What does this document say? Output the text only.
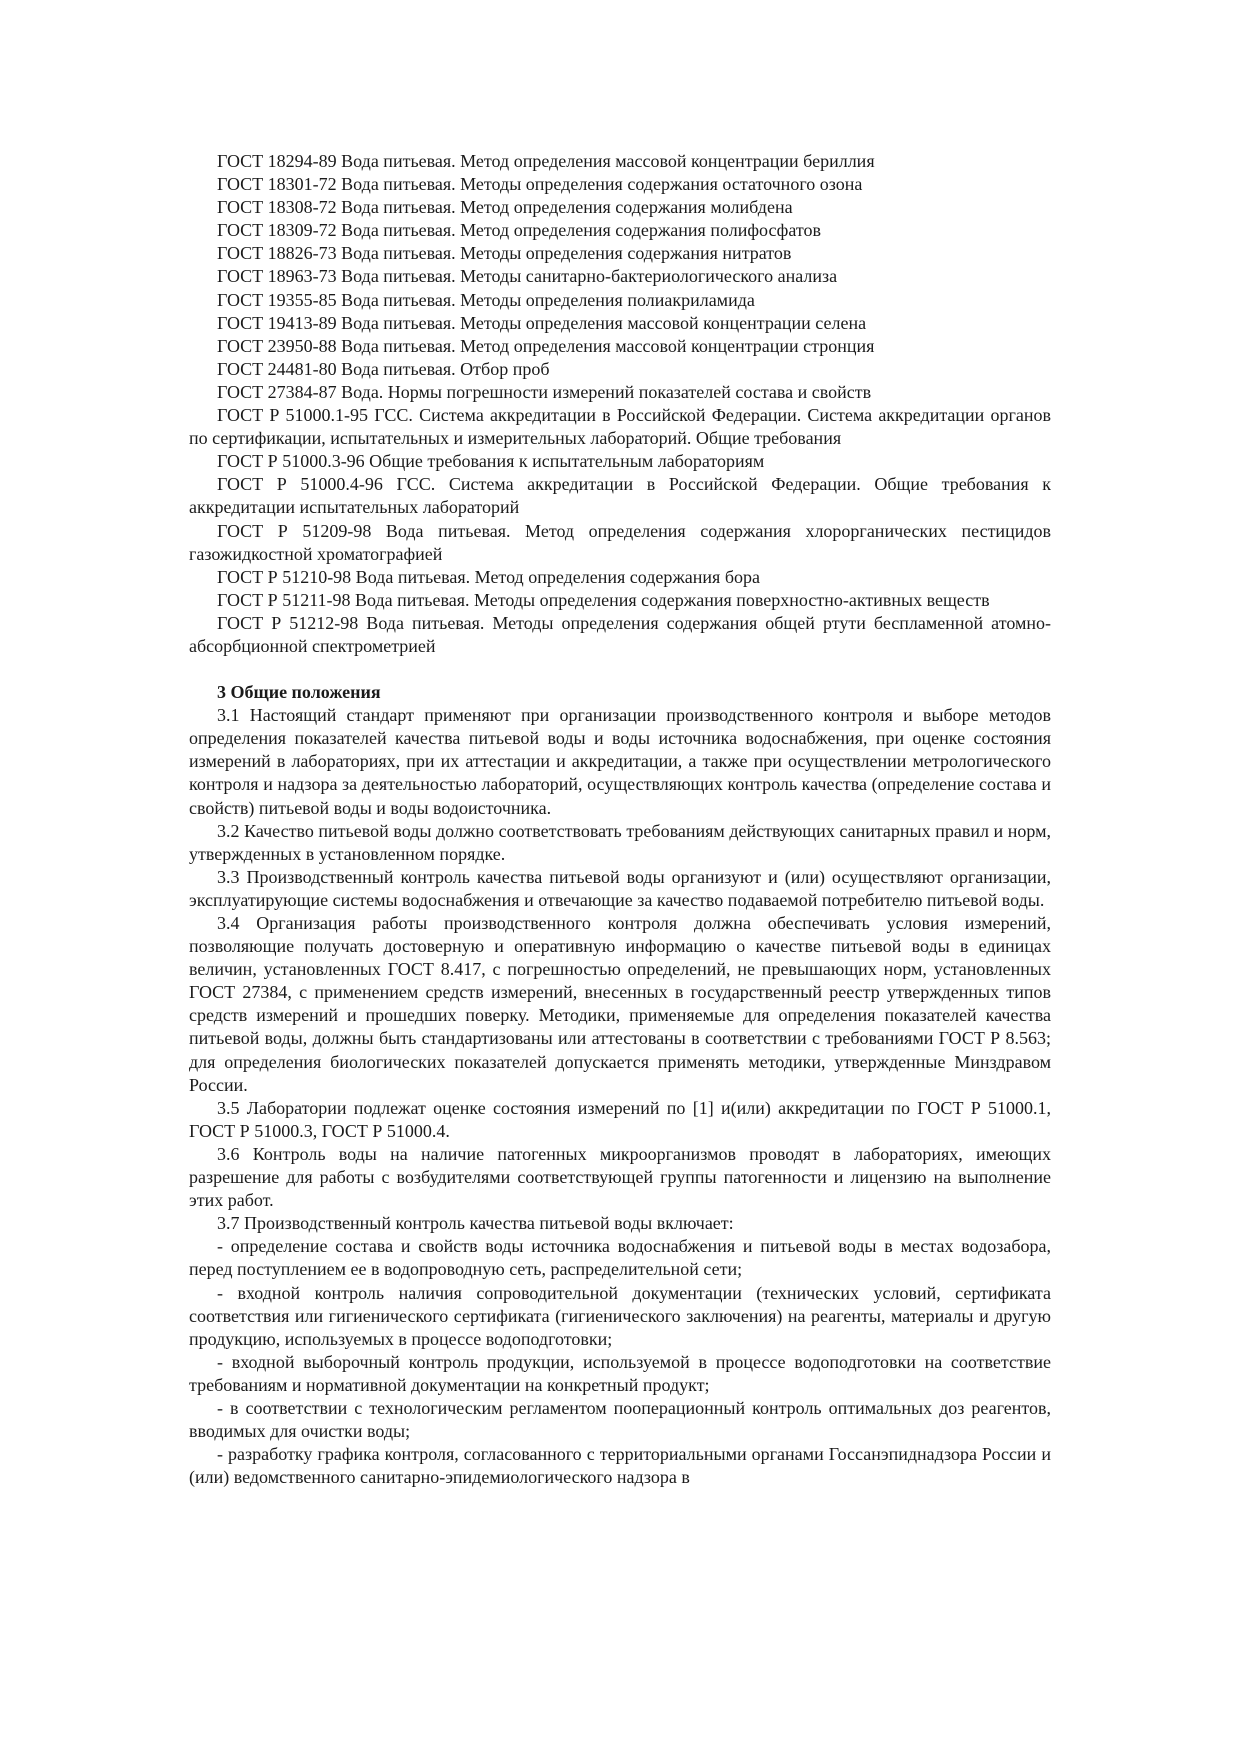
ГОСТ 18294-89 Вода питьевая. Метод определения массовой концентрации бериллия

ГОСТ 18301-72 Вода питьевая. Методы определения содержания остаточного озона

ГОСТ 18308-72 Вода питьевая. Метод определения содержания молибдена

ГОСТ 18309-72 Вода питьевая. Метод определения содержания полифосфатов

ГОСТ 18826-73 Вода питьевая. Методы определения содержания нитратов

ГОСТ 18963-73 Вода питьевая. Методы санитарно-бактериологического анализа

ГОСТ 19355-85 Вода питьевая. Методы определения полиакриламида

ГОСТ 19413-89 Вода питьевая. Методы определения массовой концентрации селена

ГОСТ 23950-88 Вода питьевая. Метод определения массовой концентрации стронция

ГОСТ 24481-80 Вода питьевая. Отбор проб

ГОСТ 27384-87 Вода. Нормы погрешности измерений показателей состава и свойств

ГОСТ Р 51000.1-95 ГСС. Система аккредитации в Российской Федерации. Система аккредитации органов по сертификации, испытательных и измерительных лабораторий. Общие требования

ГОСТ Р 51000.3-96 Общие требования к испытательным лабораториям

ГОСТ Р 51000.4-96 ГСС. Система аккредитации в Российской Федерации. Общие требования к аккредитации испытательных лабораторий

ГОСТ Р 51209-98 Вода питьевая. Метод определения содержания хлорорганических пестицидов газожидкостной хроматографией

ГОСТ Р 51210-98 Вода питьевая. Метод определения содержания бора

ГОСТ Р 51211-98 Вода питьевая. Методы определения содержания поверхностно-активных веществ

ГОСТ Р 51212-98 Вода питьевая. Методы определения содержания общей ртути беспламенной атомно-абсорбционной спектрометрией

3 Общие положения

3.1 Настоящий стандарт применяют при организации производственного контроля и выборе методов определения показателей качества питьевой воды и воды источника водоснабжения, при оценке состояния измерений в лабораториях, при их аттестации и аккредитации, а также при осуществлении метрологического контроля и надзора за деятельностью лабораторий, осуществляющих контроль качества (определение состава и свойств) питьевой воды и воды водоисточника.

3.2 Качество питьевой воды должно соответствовать требованиям действующих санитарных правил и норм, утвержденных в установленном порядке.

3.3 Производственный контроль качества питьевой воды организуют и (или) осуществляют организации, эксплуатирующие системы водоснабжения и отвечающие за качество подаваемой потребителю питьевой воды.

3.4 Организация работы производственного контроля должна обеспечивать условия измерений, позволяющие получать достоверную и оперативную информацию о качестве питьевой воды в единицах величин, установленных ГОСТ 8.417, с погрешностью определений, не превышающих норм, установленных ГОСТ 27384, с применением средств измерений, внесенных в государственный реестр утвержденных типов средств измерений и прошедших поверку. Методики, применяемые для определения показателей качества питьевой воды, должны быть стандартизованы или аттестованы в соответствии с требованиями ГОСТ Р 8.563; для определения биологических показателей допускается применять методики, утвержденные Минздравом России.

3.5 Лаборатории подлежат оценке состояния измерений по [1] и(или) аккредитации по ГОСТ Р 51000.1, ГОСТ Р 51000.3, ГОСТ Р 51000.4.

3.6 Контроль воды на наличие патогенных микроорганизмов проводят в лабораториях, имеющих разрешение для работы с возбудителями соответствующей группы патогенности и лицензию на выполнение этих работ.

3.7 Производственный контроль качества питьевой воды включает:

- определение состава и свойств воды источника водоснабжения и питьевой воды в местах водозабора, перед поступлением ее в водопроводную сеть, распределительной сети;

- входной контроль наличия сопроводительной документации (технических условий, сертификата соответствия или гигиенического сертификата (гигиенического заключения) на реагенты, материалы и другую продукцию, используемых в процессе водоподготовки;

- входной выборочный контроль продукции, используемой в процессе водоподготовки на соответствие требованиям и нормативной документации на конкретный продукт;

- в соответствии с технологическим регламентом пооперационный контроль оптимальных доз реагентов, вводимых для очистки воды;

- разработку графика контроля, согласованного с территориальными органами Госсанэпиднадзора России и (или) ведомственного санитарно-эпидемиологического надзора в
